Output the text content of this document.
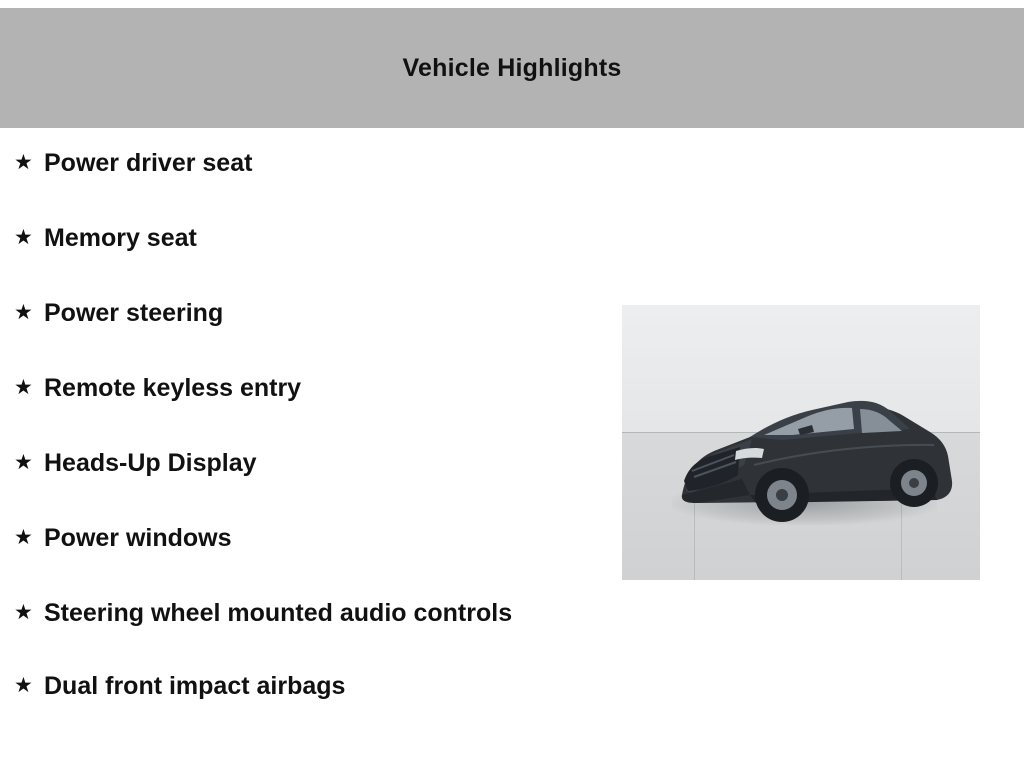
Vehicle Highlights
★ Power driver seat
★ Memory seat
★ Power steering
★ Remote keyless entry
★ Heads-Up Display
★ Power windows
★ Steering wheel mounted audio controls
★ Dual front impact airbags
